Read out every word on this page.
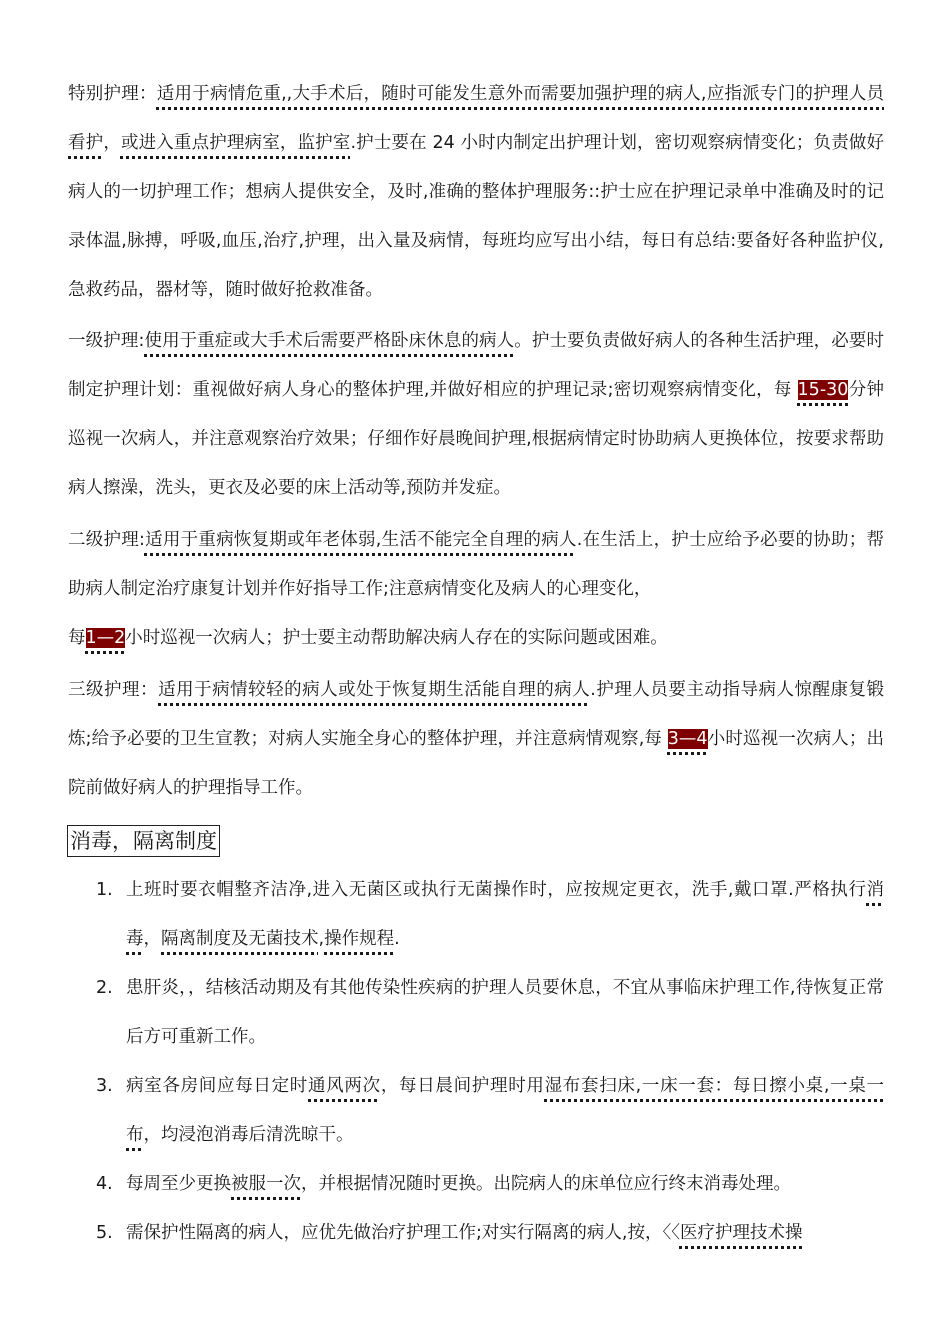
特别护理：适用于病情危重,,大手术后，随时可能发生意外而需要加强护理的病人,应指派专门的护理人员看护，或进入重点护理病室，监护室.护士要在 24 小时内制定出护理计划，密切观察病情变化；负责做好病人的一切护理工作；想病人提供安全，及时,准确的整体护理服务::护士应在护理记录单中准确及时的记录体温,脉搏，呼吸,血压,治疗,护理，出入量及病情，每班均应写出小结，每日有总结:要备好各种监护仪,急救药品，器材等，随时做好抢救准备。

一级护理:使用于重症或大手术后需要严格卧床休息的病人。护士要负责做好病人的各种生活护理，必要时制定护理计划：重视做好病人身心的整体护理,并做好相应的护理记录;密切观察病情变化，每 15-30分钟巡视一次病人，并注意观察治疗效果；仔细作好晨晚间护理,根据病情定时协助病人更换体位，按要求帮助病人擦澡，洗头，更衣及必要的床上活动等,预防并发症。

二级护理:适用于重病恢复期或年老体弱,生活不能完全自理的病人.在生活上，护士应给予必要的协助；帮助病人制定治疗康复计划并作好指导工作;注意病情变化及病人的心理变化，
每1—2小时巡视一次病人；护士要主动帮助解决病人存在的实际问题或困难。

三级护理：适用于病情较轻的病人或处于恢复期生活能自理的病人.护理人员要主动指导病人惊醒康复锻炼;给予必要的卫生宣教；对病人实施全身心的整体护理，并注意病情观察,每 3—4小时巡视一次病人；出院前做好病人的护理指导工作。

消毒，隔离制度
1. 上班时要衣帽整齐洁净,进入无菌区或执行无菌操作时，应按规定更衣，洗手,戴口罩.严格执行消毒，隔离制度及无菌技术,操作规程.
2. 患肝炎，，结核活动期及有其他传染性疾病的护理人员要休息，不宜从事临床护理工作,待恢复正常后方可重新工作。
3. 病室各房间应每日定时通风两次，每日晨间护理时用湿布套扫床,一床一套：每日擦小桌,一桌一布，均浸泡消毒后清洗晾干。
4. 每周至少更换被服一次，并根据情况随时更换。出院病人的床单位应行终末消毒处理。
5. 需保护性隔离的病人，应优先做治疗护理工作;对实行隔离的病人,按，〈〈医疗护理技术操
